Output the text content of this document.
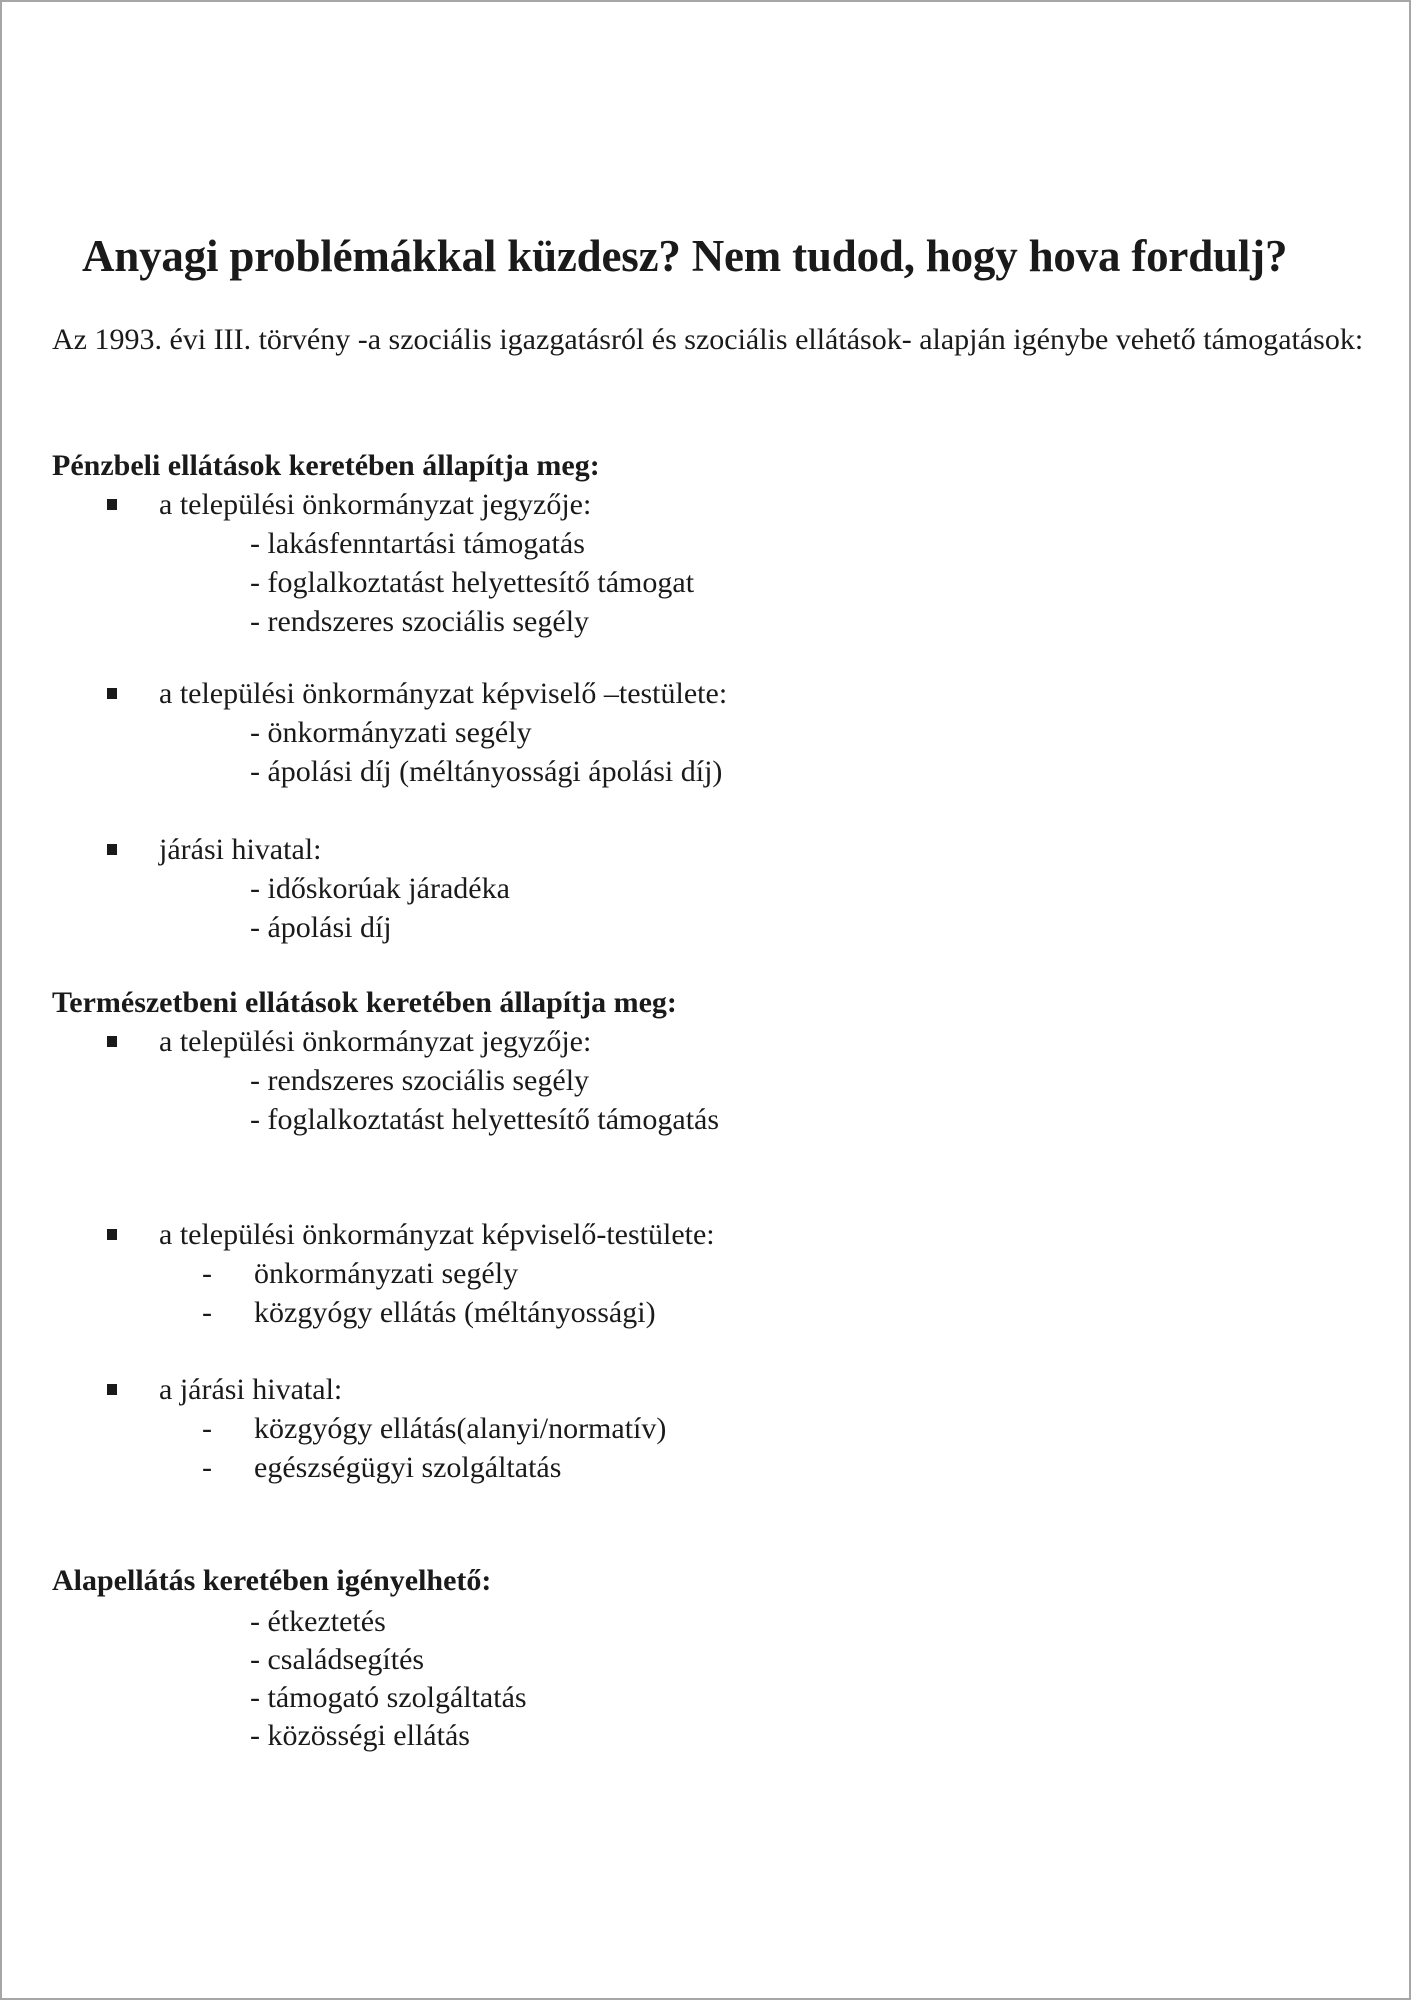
Anyagi problémákkal küzdesz? Nem tudod, hogy hova fordulj?
Az 1993. évi III. törvény -a szociális igazgatásról és szociális ellátások- alapján igénybe vehető támogatások:
Pénzbeli ellátások keretében állapítja meg:
a települési önkormányzat jegyzője:
- lakásfenntartási támogatás
- foglalkoztatást helyettesítő támogat
- rendszeres szociális segély
a települési önkormányzat képviselő –testülete:
- önkormányzati segély
- ápolási díj (méltányossági ápolási díj)
járási hivatal:
- időskorúak járadéka
- ápolási díj
Természetbeni ellátások keretében állapítja meg:
a települési önkormányzat jegyzője:
- rendszeres szociális segély
- foglalkoztatást helyettesítő támogatás
a települési önkormányzat képviselő-testülete:
- önkormányzati segély
- közgyógy ellátás (méltányossági)
a járási hivatal:
- közgyógy ellátás(alanyi/normatív)
- egészségügyi szolgáltatás
Alapellátás keretében igényelhető:
- étkeztetés
- családsegítés
- támogató szolgáltatás
- közösségi ellátás
